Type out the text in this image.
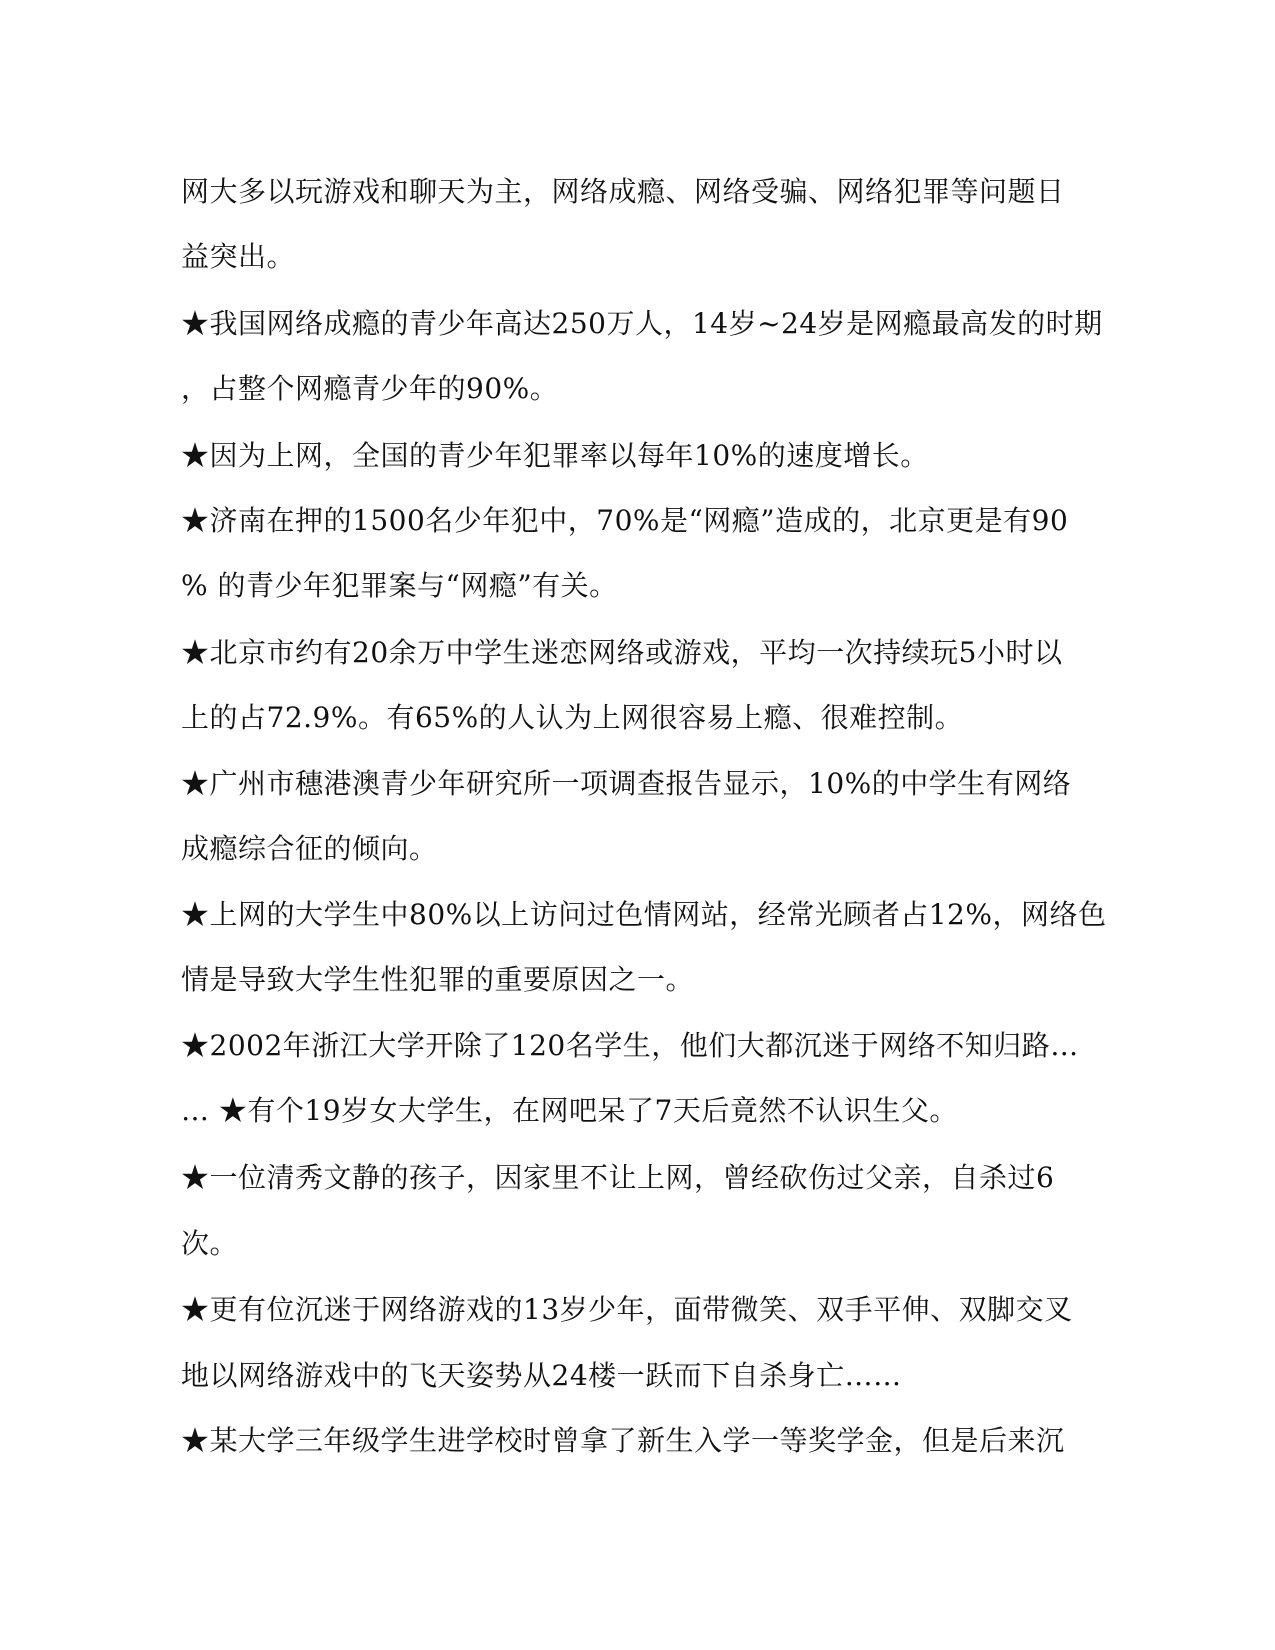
网大多以玩游戏和聊天为主，网络成瘾、网络受骗、网络犯罪等问题日
益突出。
★我国网络成瘾的青少年高达250万人，14岁~24岁是网瘾最高发的时期
，占整个网瘾青少年的90%。
★因为上网，全国的青少年犯罪率以每年10%的速度增长。
★济南在押的1500名少年犯中，70%是“网瘾”造成的，北京更是有90
% 的青少年犯罪案与“网瘾”有关。
★北京市约有20余万中学生迷恋网络或游戏，平均一次持续玩5小时以
上的占72.9%。有65%的人认为上网很容易上瘾、很难控制。
★广州市穗港澳青少年研究所一项调查报告显示，10%的中学生有网络
成瘾综合征的倾向。
★上网的大学生中80%以上访问过色情网站，经常光顾者占12%，网络色
情是导致大学生性犯罪的重要原因之一。
★2002年浙江大学开除了120名学生，他们大都沉迷于网络不知归路…
… ★有个19岁女大学生，在网吧呆了7天后竟然不认识生父。
★一位清秀文静的孩子，因家里不让上网，曾经砍伤过父亲，自杀过6
次。
★更有位沉迷于网络游戏的13岁少年，面带微笑、双手平伸、双脚交叉
地以网络游戏中的飞天姿势从24楼一跃而下自杀身亡……
★某大学三年级学生进学校时曾拿了新生入学一等奖学金，但是后来沉
